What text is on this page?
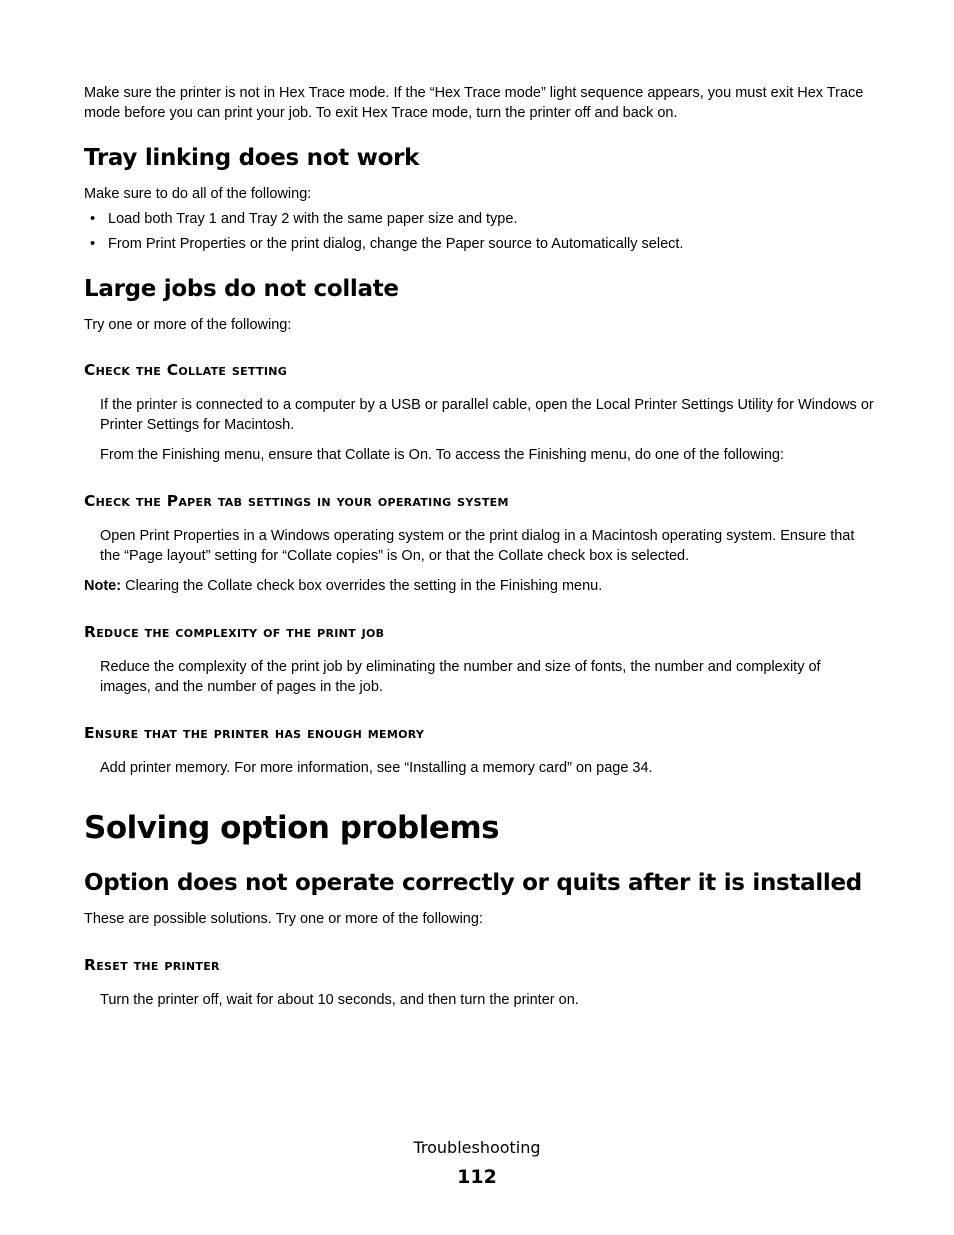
Make sure the printer is not in Hex Trace mode. If the “Hex Trace mode” light sequence appears, you must exit Hex Trace mode before you can print your job. To exit Hex Trace mode, turn the printer off and back on.

Tray linking does not work

Make sure to do all of the following:

• Load both Tray 1 and Tray 2 with the same paper size and type.
• From Print Properties or the print dialog, change the Paper source to Automatically select.
Large jobs do not collate

Try one or more of the following:

Check the Collate setting

If the printer is connected to a computer by a USB or parallel cable, open the Local Printer Settings Utility for Windows or Printer Settings for Macintosh.

From the Finishing menu, ensure that Collate is On. To access the Finishing menu, do one of the following:

Check the Paper tab settings in your operating system

Open Print Properties in a Windows operating system or the print dialog in a Macintosh operating system. Ensure that the “Page layout” setting for “Collate copies” is On, or that the Collate check box is selected.

Note: Clearing the Collate check box overrides the setting in the Finishing menu.

Reduce the complexity of the print job

Reduce the complexity of the print job by eliminating the number and size of fonts, the number and complexity of images, and the number of pages in the job.

Ensure that the printer has enough memory

Add printer memory. For more information, see “Installing a memory card” on page 34.

Solving option problems
Option does not operate correctly or quits after it is installed

These are possible solutions. Try one or more of the following:

Reset the printer

Turn the printer off, wait for about 10 seconds, and then turn the printer on.

Troubleshooting
112
